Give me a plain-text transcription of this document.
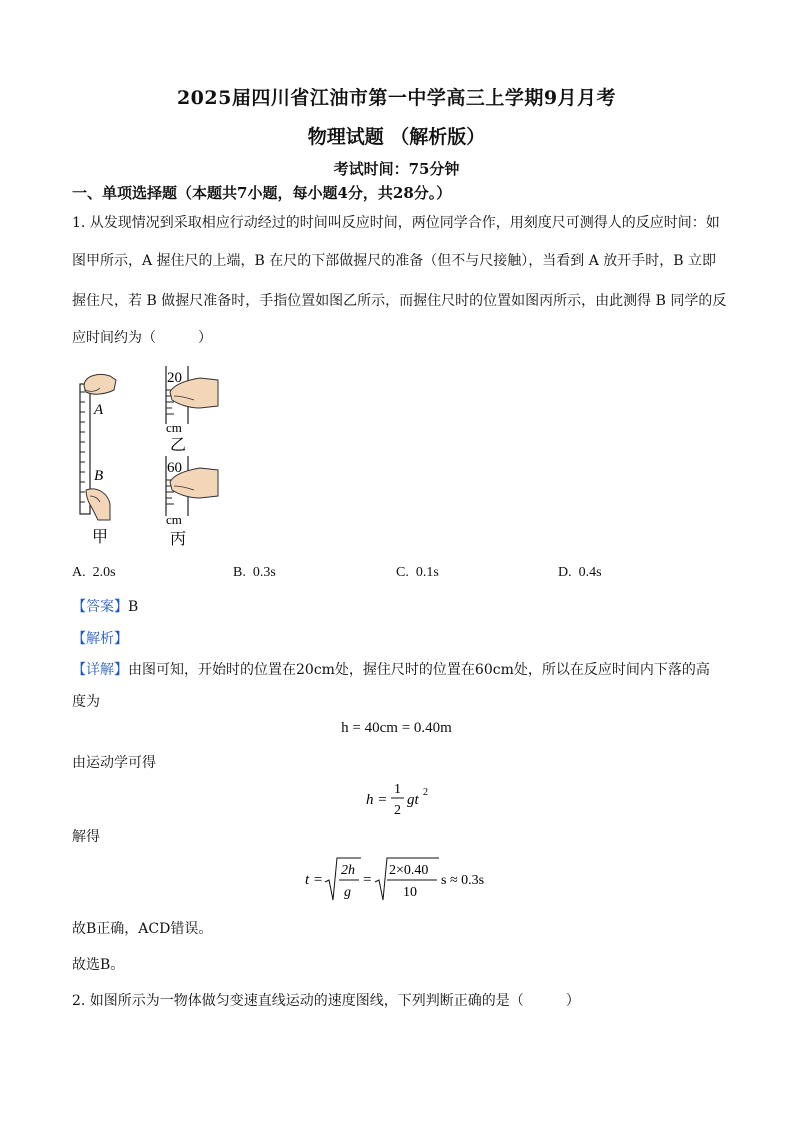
2025届四川省江油市第一中学高三上学期9月月考
物理试题 （解析版）
考试时间：75分钟
一、单项选择题（本题共7小题，每小题4分，共28分。）
1. 从发现情况到采取相应行动经过的时间叫反应时间，两位同学合作，用刻度尺可测得人的反应时间：如
图甲所示，A 握住尺的上端，B 在尺的下部做握尺的准备（但不与尺接触），当看到 A 放开手时，B 立即
握住尺，若 B 做握尺准备时，手指位置如图乙所示，而握住尺时的位置如图丙所示，由此测得 B 同学的反
应时间约为（	）
A
B
甲
20
cm
乙
60
cm
丙
A. 2.0s	B. 0.3s	C. 0.1s	D. 0.4s
【答案】B
【解析】
【详解】由图可知，开始时的位置在20cm处，握住尺时的位置在60cm处，所以在反应时间内下落的高度为
h = 40cm = 0.40m
由运动学可得
h =
1
2
gt 2
解得
t =
2h
g
=
2×0.40
10
s ≈ 0.3s
故B正确，ACD错误。
故选B。
2. 如图所示为一物体做匀变速直线运动的速度图线，下列判断正确的是（	）
